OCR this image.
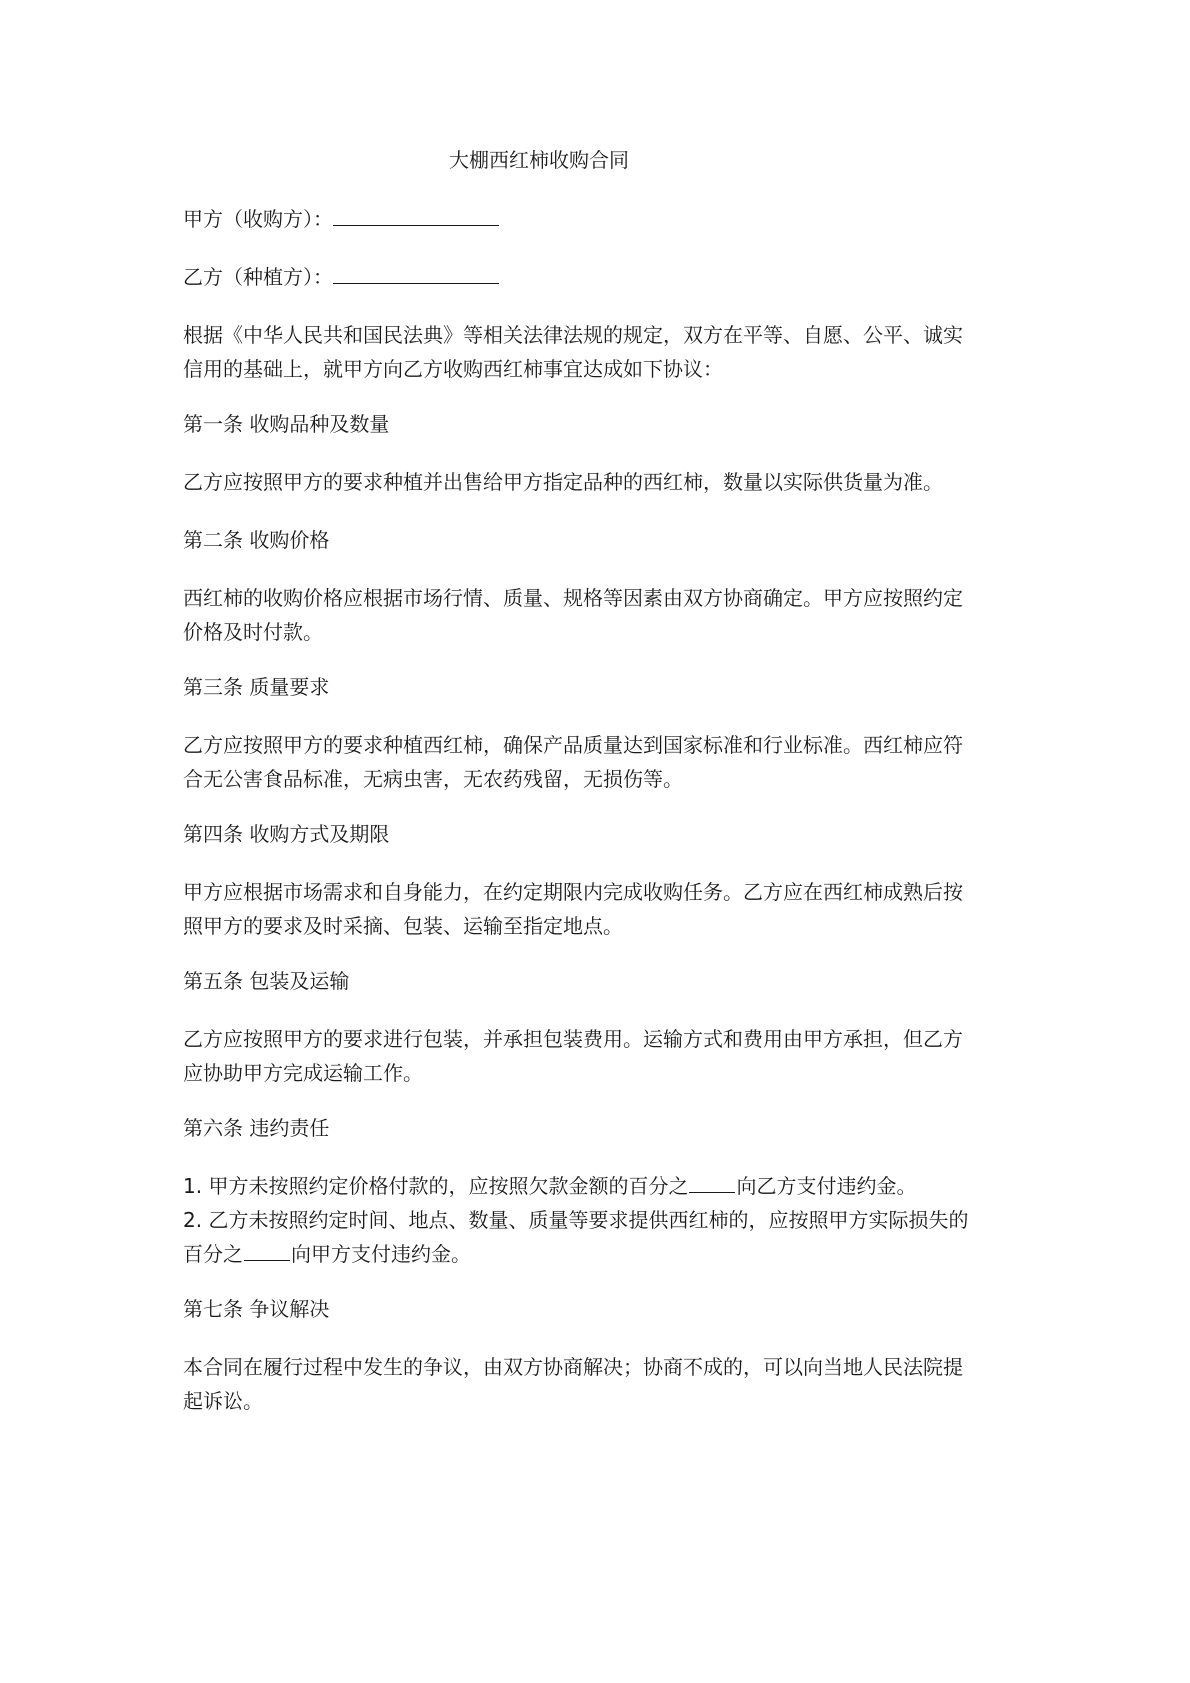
大棚西红柿收购合同

甲方（收购方）：

乙方（种植方）：

根据《中华人民共和国民法典》等相关法律法规的规定，双方在平等、自愿、公平、诚实

信用的基础上，就甲方向乙方收购西红柿事宜达成如下协议：

第一条 收购品种及数量

乙方应按照甲方的要求种植并出售给甲方指定品种的西红柿，数量以实际供货量为准。

第二条 收购价格

西红柿的收购价格应根据市场行情、质量、规格等因素由双方协商确定。甲方应按照约定

价格及时付款。

第三条 质量要求

乙方应按照甲方的要求种植西红柿，确保产品质量达到国家标准和行业标准。西红柿应符

合无公害食品标准，无病虫害，无农药残留，无损伤等。

第四条 收购方式及期限

甲方应根据市场需求和自身能力，在约定期限内完成收购任务。乙方应在西红柿成熟后按

照甲方的要求及时采摘、包装、运输至指定地点。

第五条 包装及运输

乙方应按照甲方的要求进行包装，并承担包装费用。运输方式和费用由甲方承担，但乙方

应协助甲方完成运输工作。

第六条 违约责任

1. 甲方未按照约定价格付款的，应按照欠款金额的百分之 向乙方支付违约金。

2. 乙方未按照约定时间、地点、数量、质量等要求提供西红柿的，应按照甲方实际损失的

百分之 向甲方支付违约金。

第七条 争议解决

本合同在履行过程中发生的争议，由双方协商解决；协商不成的，可以向当地人民法院提

起诉讼。
